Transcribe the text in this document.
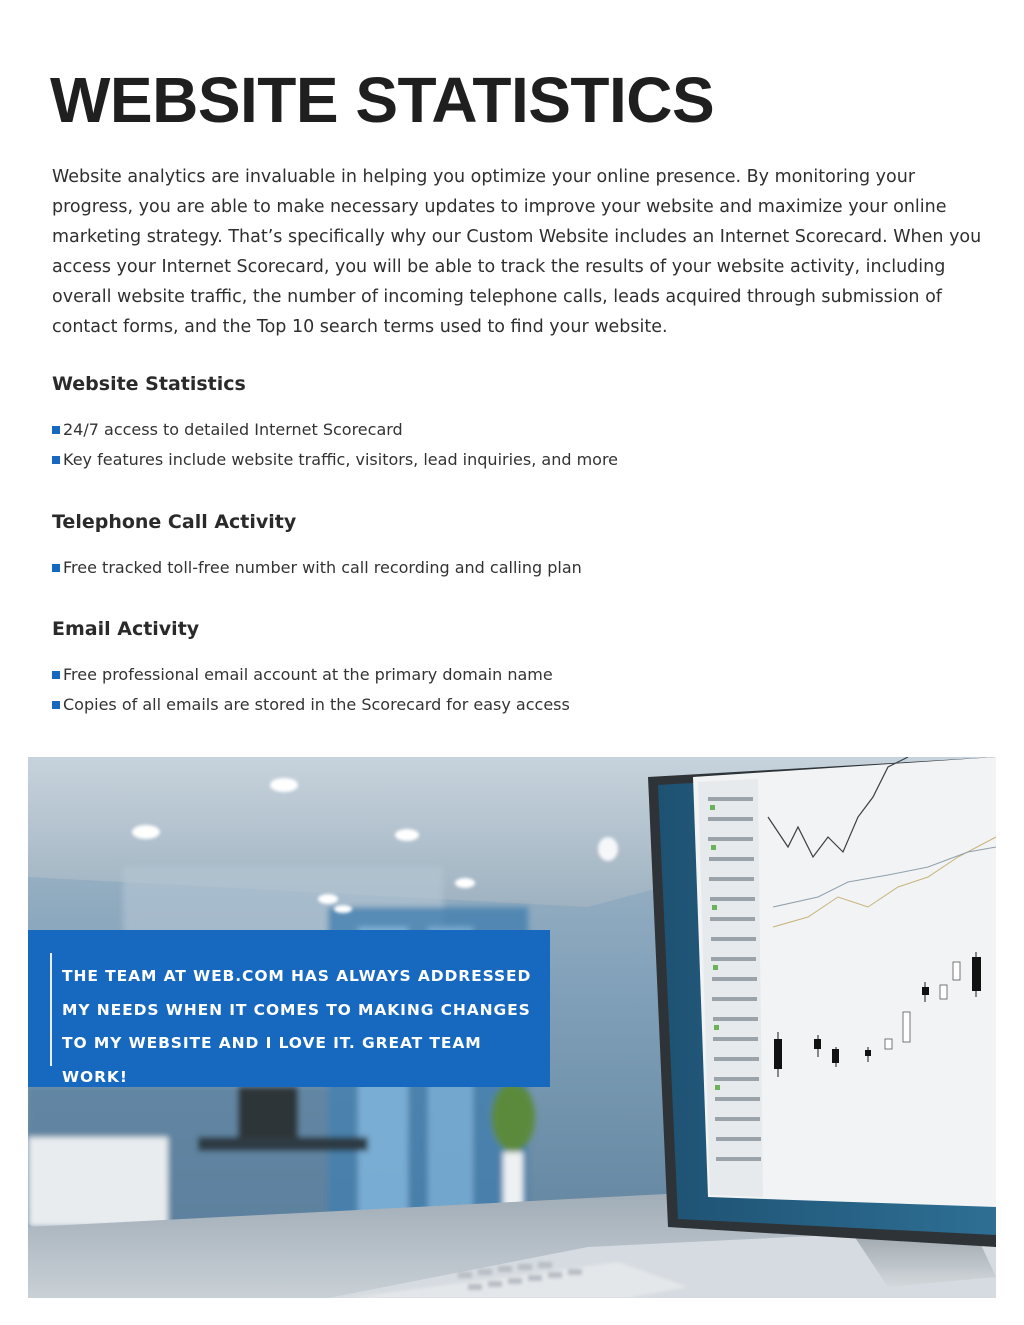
WEBSITE STATISTICS

Website analytics are invaluable in helping you optimize your online presence. By monitoring your progress, you are able to make necessary updates to improve your website and maximize your online marketing strategy. That’s specifically why our Custom Website includes an Internet Scorecard. When you access your Internet Scorecard, you will be able to track the results of your website activity, including overall website traffic, the number of incoming telephone calls, leads acquired through submission of contact forms, and the Top 10 search terms used to find your website.

Website Statistics
24/7 access to detailed Internet Scorecard
Key features include website traffic, visitors, lead inquiries, and more
Telephone Call Activity
Free tracked toll-free number with call recording and calling plan
Email Activity
Free professional email account at the primary domain name
Copies of all emails are stored in the Scorecard for easy access

THE TEAM AT WEB.COM HAS ALWAYS ADDRESSED MY NEEDS WHEN IT COMES TO MAKING CHANGES TO MY WEBSITE AND I LOVE IT. GREAT TEAM WORK!
